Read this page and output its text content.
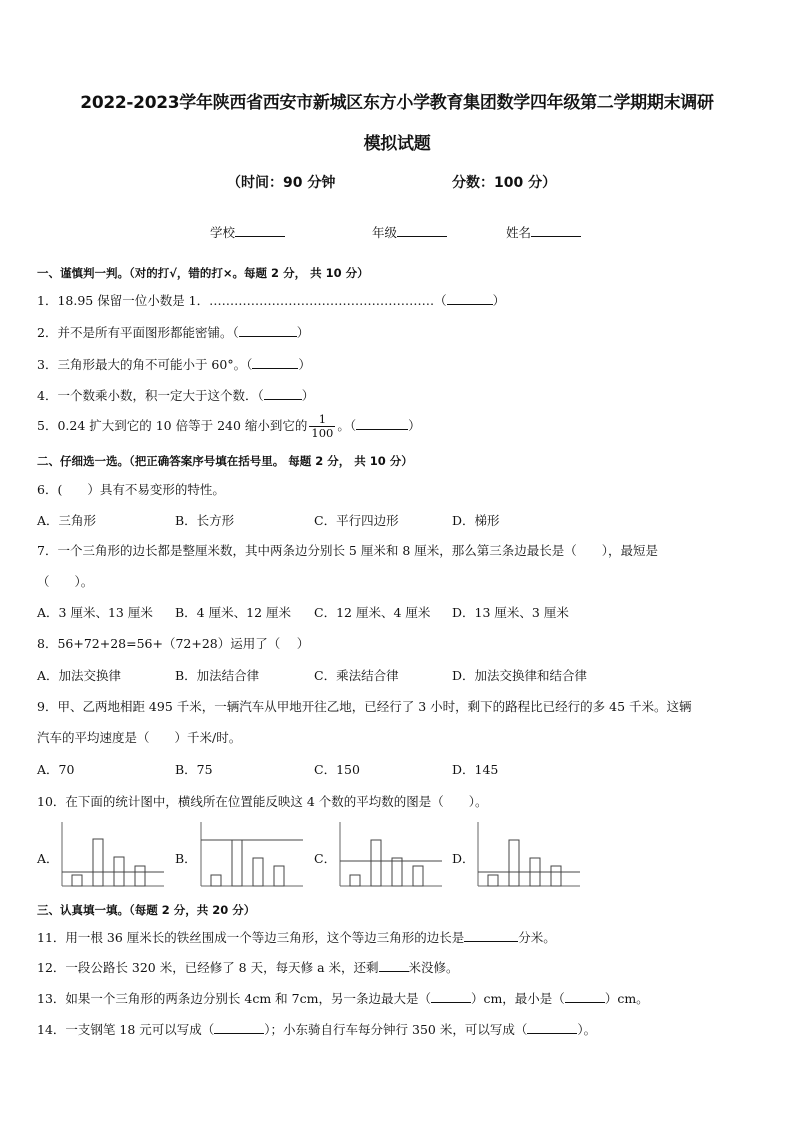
2022-2023学年陕西省西安市新城区东方小学教育集团数学四年级第二学期期末调研
模拟试题
（时间：90 分钟	分数：100 分）
学校	年级	姓名
一、谨慎判一判。（对的打√，错的打×。每题 2 分， 共 10 分）
1．18.95 保留一位小数是 1．………………………………………………（	）
2．并不是所有平面图形都能密铺。（	）
3．三角形最大的角不可能小于 60°。（	）
4．一个数乘小数，积一定大于这个数．（	）
5．0.24 扩大到它的 10 倍等于 240 缩小到它的 $\frac{1}{100}$ 。（	）
二、仔细选一选。（把正确答案序号填在括号里。 每题 2 分， 共 10 分）
6．(　　）具有不易变形的特性。
A．三角形	B．长方形	C．平行四边形	D．梯形
7．一个三角形的边长都是整厘米数，其中两条边分别长 5 厘米和 8 厘米，那么第三条边最长是（　　），最短是
（　　）。
A．3 厘米、13 厘米 B．4 厘米、12 厘米 C．12 厘米、4 厘米 D．13 厘米、3 厘米
8．56+72+28=56+（72+28）运用了（　 ）
A．加法交换律	B．加法结合律	C．乘法结合律	D．加法交换律和结合律
9．甲、乙两地相距 495 千米，一辆汽车从甲地开往乙地，已经行了 3 小时，剩下的路程比已经行的多 45 千米。这辆
汽车的平均速度是（　　）千米/时。
A．70	B．75	C．150	D．145
10．在下面的统计图中，横线所在位置能反映这 4 个数的平均数的图是（　　）。
A．	B．	C．	D．
三、认真填一填。（每题 2 分，共 20 分）
11．用一根 36 厘米长的铁丝围成一个等边三角形，这个等边三角形的边长是	分米。
12．一段公路长 320 米，已经修了 8 天，每天修 a 米，还剩 米没修。
13．如果一个三角形的两条边分别长 4cm 和 7cm，另一条边最大是（	）cm，最小是（	）cm。
14．一支钢笔 18 元可以写成（	）；小东骑自行车每分钟行 350 米，可以写成（	）。
